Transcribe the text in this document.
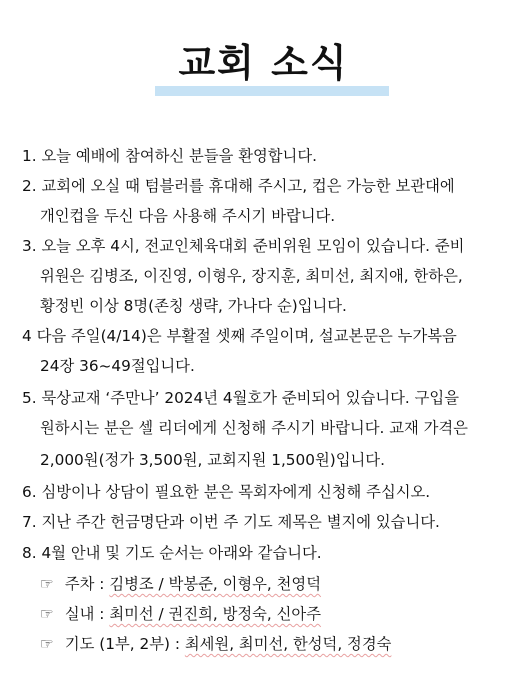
교회 소식
1. 오늘 예배에 참여하신 분들을 환영합니다.
2. 교회에 오실 때 텀블러를 휴대해 주시고, 컵은 가능한 보관대에
개인컵을 두신 다음 사용해 주시기 바랍니다.
3. 오늘 오후 4시, 전교인체육대회 준비위원 모임이 있습니다. 준비
위원은 김병조, 이진영, 이형우, 장지훈, 최미선, 최지애, 한하은,
황정빈 이상 8명(존칭 생략, 가나다 순)입니다.
4 다음 주일(4/14)은 부활절 셋째 주일이며, 설교본문은 누가복음
24장 36~49절입니다.
5. 묵상교재 ‘주만나’ 2024년 4월호가 준비되어 있습니다. 구입을
원하시는 분은 셀 리더에게 신청해 주시기 바랍니다. 교재 가격은
2,000원(정가 3,500원, 교회지원 1,500원)입니다.
6. 심방이나 상담이 필요한 분은 목회자에게 신청해 주십시오.
7. 지난 주간 헌금명단과 이번 주 기도 제목은 별지에 있습니다.
8. 4월 안내 및 기도 순서는 아래와 같습니다.
☞ 주차 : 김병조 / 박봉준, 이형우, 천영덕
☞ 실내 : 최미선 / 권진희, 방정숙, 신아주
☞ 기도 (1부, 2부) : 최세원, 최미선, 한성덕, 정경숙
